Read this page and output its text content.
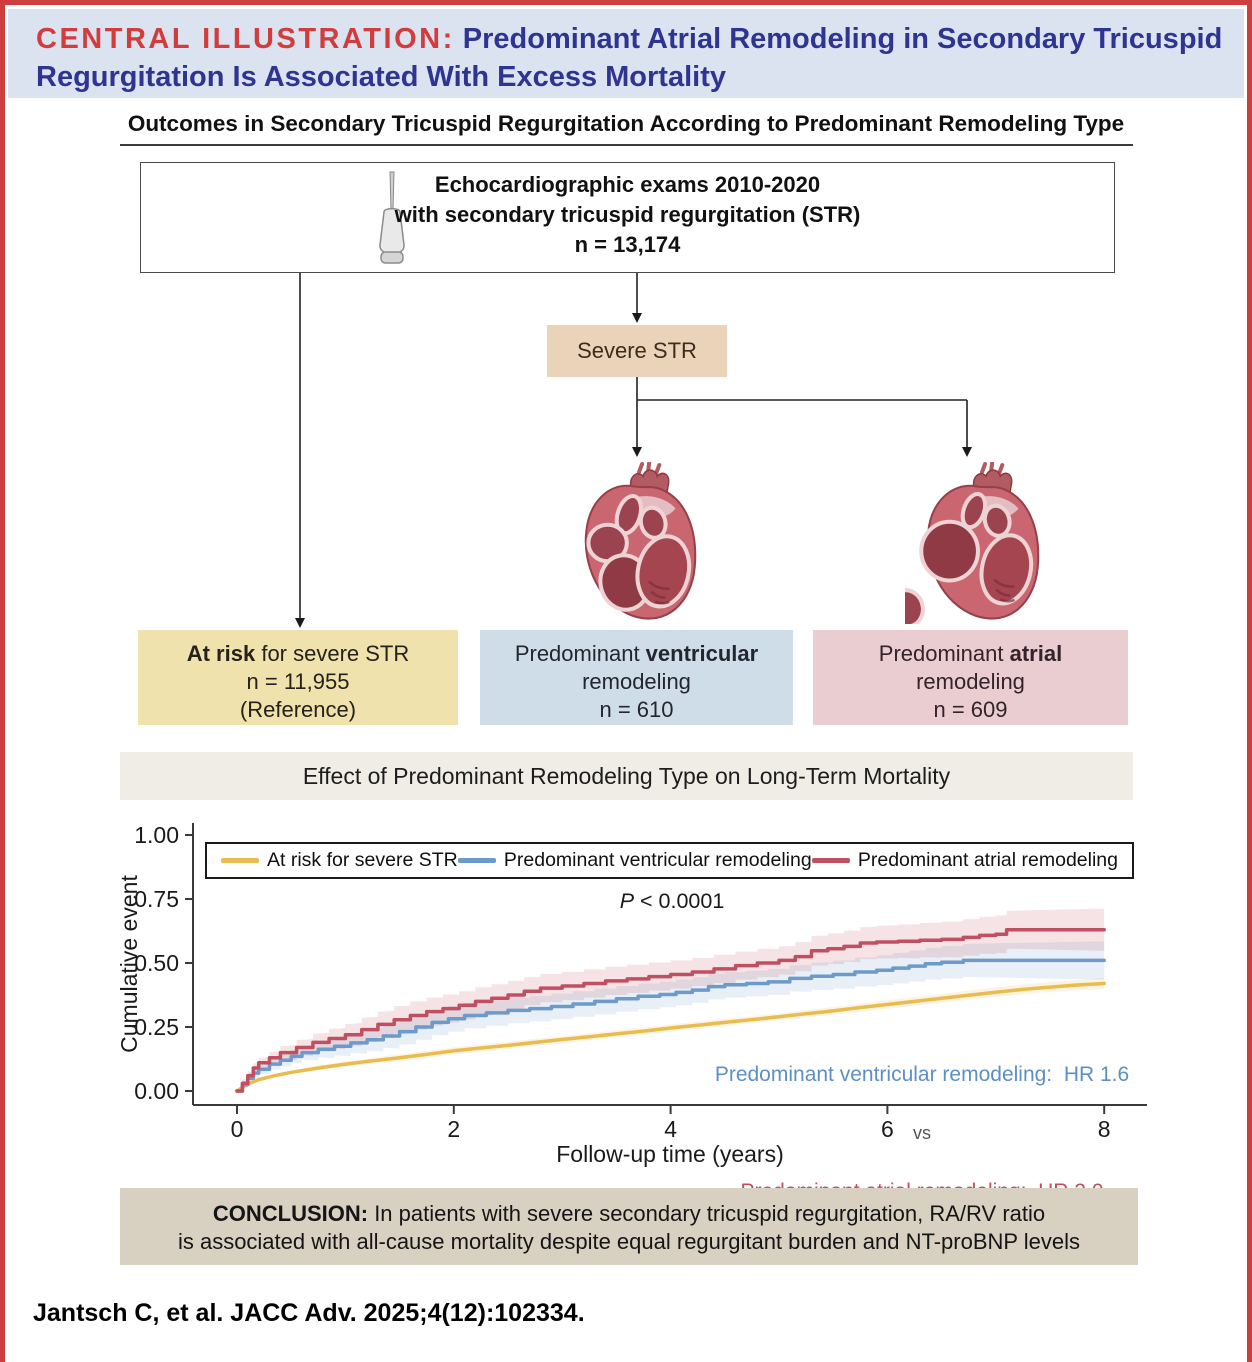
CENTRAL ILLUSTRATION: Predominant Atrial Remodeling in Secondary Tricuspid Regurgitation Is Associated With Excess Mortality
Outcomes in Secondary Tricuspid Regurgitation According to Predominant Remodeling Type
Echocardiographic exams 2010-2020
with secondary tricuspid regurgitation (STR)
n = 13,174
Severe STR
At risk for severe STR
n = 11,955
(Reference)
Predominant ventricular
remodeling
n = 610
Predominant atrial
remodeling
n = 609
Effect of Predominant Remodeling Type on Long-Term Mortality
0.00
0.25
0.50
0.75
1.00
0	2	4	6	8
Follow-up time (years)
Cumulative event
At risk for severe STR Predominant ventricular remodeling Predominant atrial remodeling
P < 0.0001

Predominant ventricular remodeling:  HR 1.6

vs

CONCLUSION: In patients with severe secondary tricuspid regurgitation, RA/RV ratio
is associated with all-cause mortality despite equal regurgitant burden and NT-proBNP levels
Jantsch C, et al. JACC Adv. 2025;4(12):102334.
